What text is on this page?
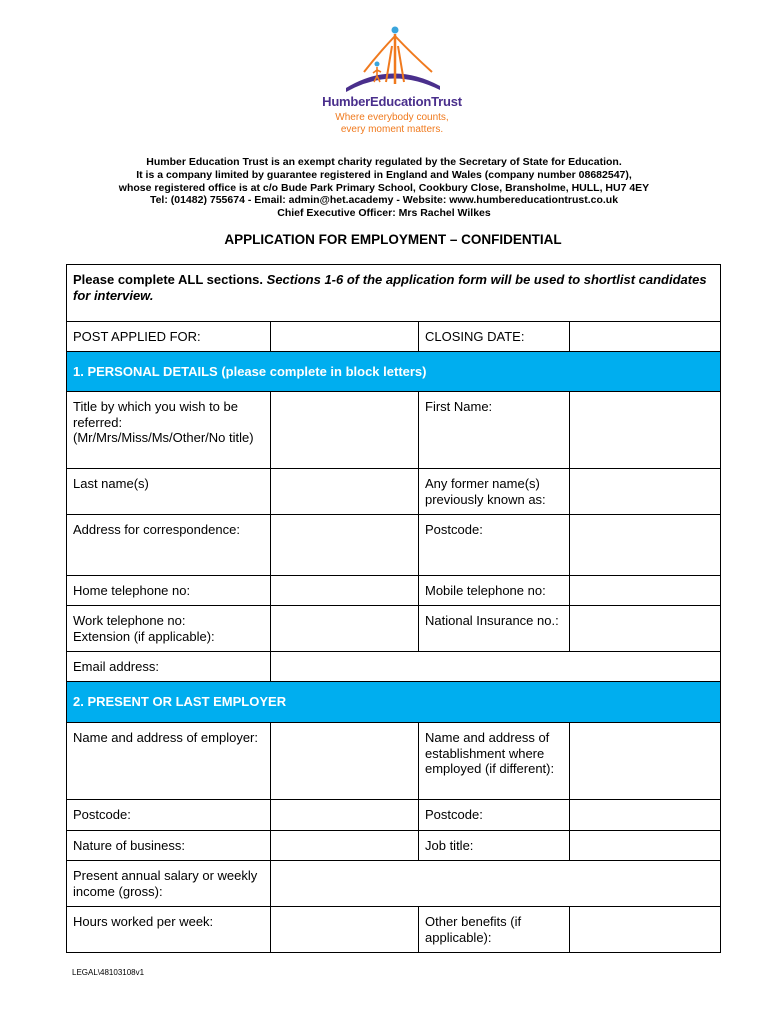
HumberEducationTrust
Where everybody counts,
every moment matters.
Humber Education Trust is an exempt charity regulated by the Secretary of State for Education.
It is a company limited by guarantee registered in England and Wales (company number 08682547),
whose registered office is at c/o Bude Park Primary School, Cookbury Close, Bransholme, HULL, HU7 4EY
Tel: (01482) 755674 - Email: admin@het.academy - Website: www.humbereducationtrust.co.uk
Chief Executive Officer: Mrs Rachel Wilkes
APPLICATION FOR EMPLOYMENT – CONFIDENTIAL
Please complete ALL sections. Sections 1-6 of the application form will be used to shortlist candidates for interview.			
POST APPLIED FOR:		CLOSING DATE:	
1. PERSONAL DETAILS (please complete in block letters)			
Title by which you wish to be referred: (Mr/Mrs/Miss/Ms/Other/No title)		First Name:	
Last name(s)		Any former name(s) previously known as:	
Address for correspondence:		Postcode:	
Home telephone no:		Mobile telephone no:	

Work telephone no:
Extension (if applicable):		National Insurance no.:	
Email address:			
2. PRESENT OR LAST EMPLOYER			
Name and address of employer:		Name and address of establishment where employed (if different):	
Postcode:		Postcode:	
Nature of business:		Job title:	
Present annual salary or weekly income (gross):			
Hours worked per week:		Other benefits (if applicable):	
LEGAL\48103108v1
